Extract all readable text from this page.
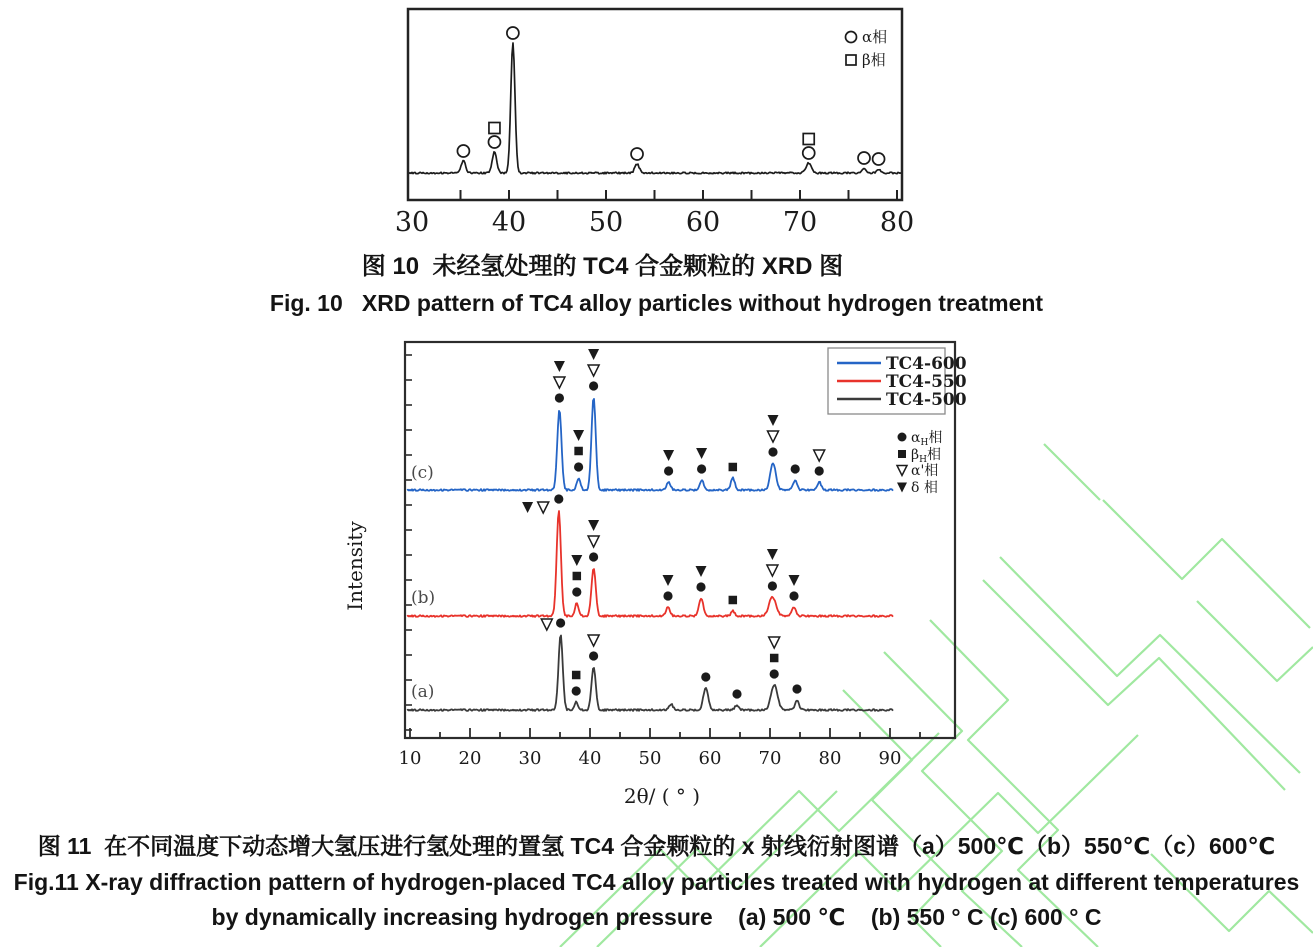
30 40 50 60 70 80
α相
β相
10 20 30 40 50 60 70 80 90
2θ/ ( ° )
Intensity
(c)
(b)
(a)
TC4-600
TC4-550
TC4-500
$\alpha_H$相
$\beta_H$相
α'相
δ 相

图 10  未经氢处理的 TC4 合金颗粒的 XRD 图

Fig. 10   XRD pattern of TC4 alloy particles without hydrogen treatment

图 11  在不同温度下动态增大氢压进行氢处理的置氢 TC4 合金颗粒的 x 射线衍射图谱（a）500℃（b）550℃（c）600℃

Fig.11 X-ray diffraction pattern of hydrogen-placed TC4 alloy particles treated with hydrogen at different temperatures

by dynamically increasing hydrogen pressure    (a) 500 ℃    (b) 550 ° C (c) 600 ° C
